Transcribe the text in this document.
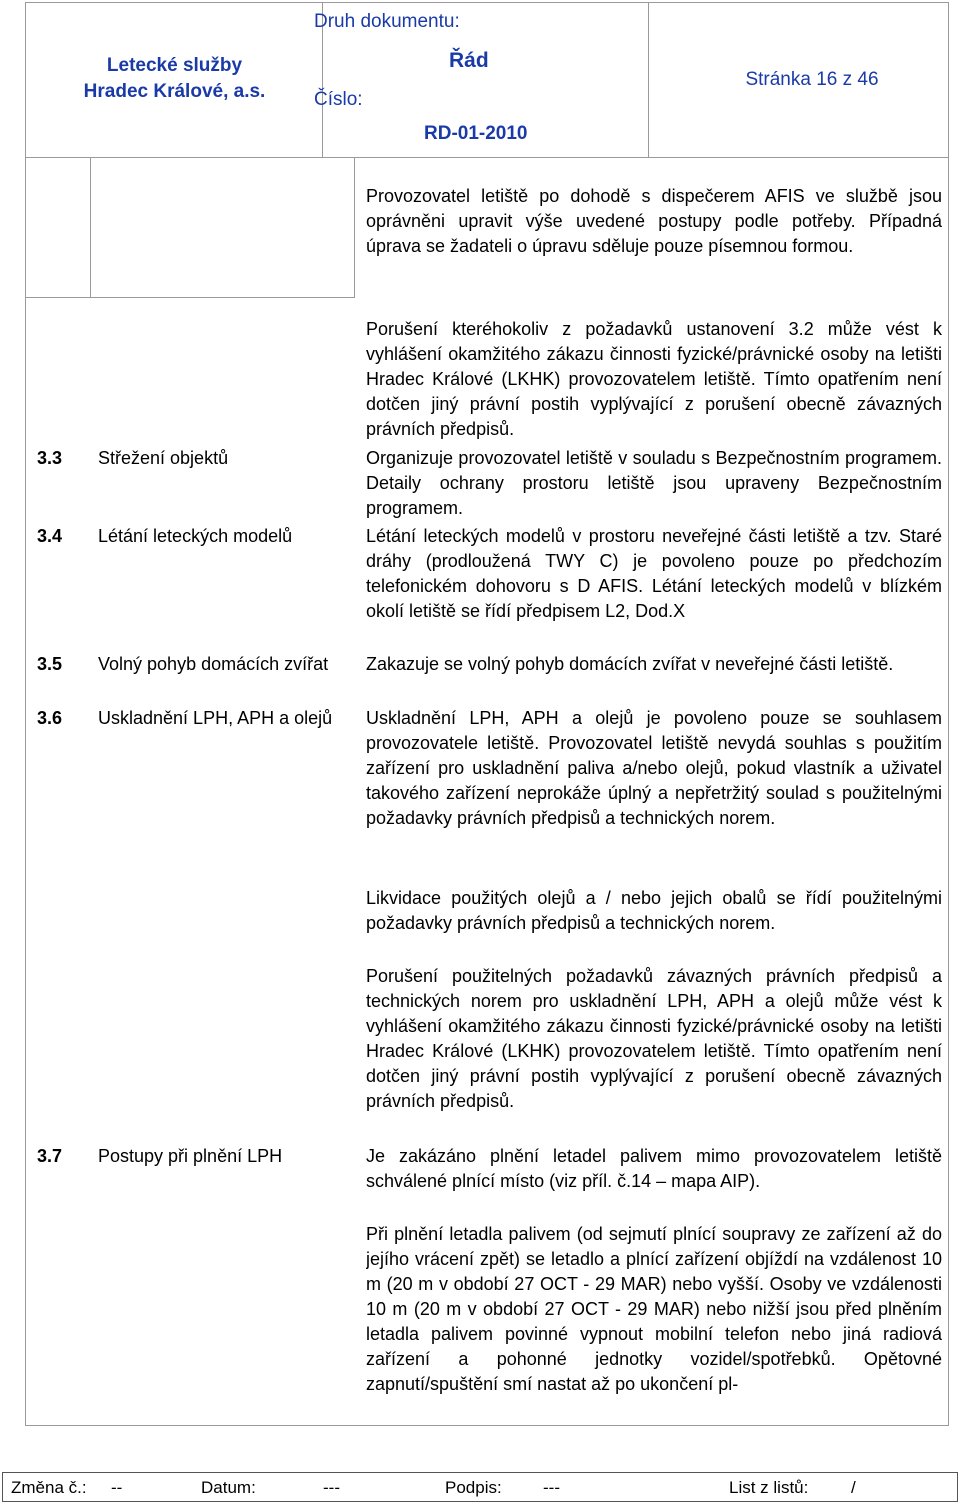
Letecké služby
Hradec Králové, a.s.
Druh dokumentu:
Řád
Číslo:
RD-01-2010
Stránka 16 z 46
Provozovatel letiště po dohodě s dispečerem AFIS ve službě jsou oprávněni upravit výše uvedené postupy podle potřeby. Případná úprava se žadateli o úpravu sděluje pouze písemnou formou.
Porušení kteréhokoliv z požadavků ustanovení 3.2 může vést k vyhlášení okamžitého zákazu činnosti fyzické/právnické osoby na letišti Hradec Králové (LKHK) provozovatelem letiště. Tímto opatřením není dotčen jiný právní postih vyplývající z porušení obecně závazných právních předpisů.
3.3 Střežení objektů	Organizuje provozovatel letiště v souladu s Bezpečnostním programem. Detaily ochrany prostoru letiště jsou upraveny Bezpečnostním programem.
3.4 Létání leteckých modelů	Létání leteckých modelů v prostoru neveřejné části letiště a tzv. Staré dráhy (prodloužená TWY C) je povoleno pouze po předchozím telefonickém dohovoru s D AFIS. Létání leteckých modelů v blízkém okolí letiště se řídí předpisem L2, Dod.X
3.5 Volný pohyb domácích zvířat	Zakazuje se volný pohyb domácích zvířat v neveřejné části letiště.
3.6 Uskladnění LPH, APH a olejů	Uskladnění LPH, APH a olejů je povoleno pouze se souhlasem provozovatele letiště. Provozovatel letiště nevydá souhlas s použitím zařízení pro uskladnění paliva a/nebo olejů, pokud vlastník a uživatel takového zařízení neprokáže úplný a nepřetržitý soulad s použitelnými požadavky právních předpisů a technických norem.
Likvidace použitých olejů a / nebo jejich obalů se řídí použitelnými požadavky právních předpisů a technických norem.
Porušení použitelných požadavků závazných právních předpisů a technických norem pro uskladnění LPH, APH a olejů může vést k vyhlášení okamžitého zákazu činnosti fyzické/právnické osoby na letišti Hradec Králové (LKHK) provozovatelem letiště. Tímto opatřením není dotčen jiný právní postih vyplývající z porušení obecně závazných právních předpisů.
3.7 Postupy při plnění LPH	Je zakázáno plnění letadel palivem mimo provozovatelem letiště schválené plnící místo (viz příl. č.14 – mapa AIP).
Při plnění letadla palivem (od sejmutí plnící soupravy ze zařízení až do jejího vrácení zpět) se letadlo a plnící zařízení objíždí na vzdálenost 10 m (20 m v období 27 OCT - 29 MAR) nebo vyšší. Osoby ve vzdálenosti 10 m (20 m v období 27 OCT - 29 MAR) nebo nižší jsou před plněním letadla palivem povinné vypnout mobilní telefon nebo jiná radiová zařízení a pohonné jednotky vozidel/spotřebků. Opětovné zapnutí/spuštění smí nastat až po ukončení pl-
Změna č.: --	Datum:	---	Podpis: ---	List z listů:	/
